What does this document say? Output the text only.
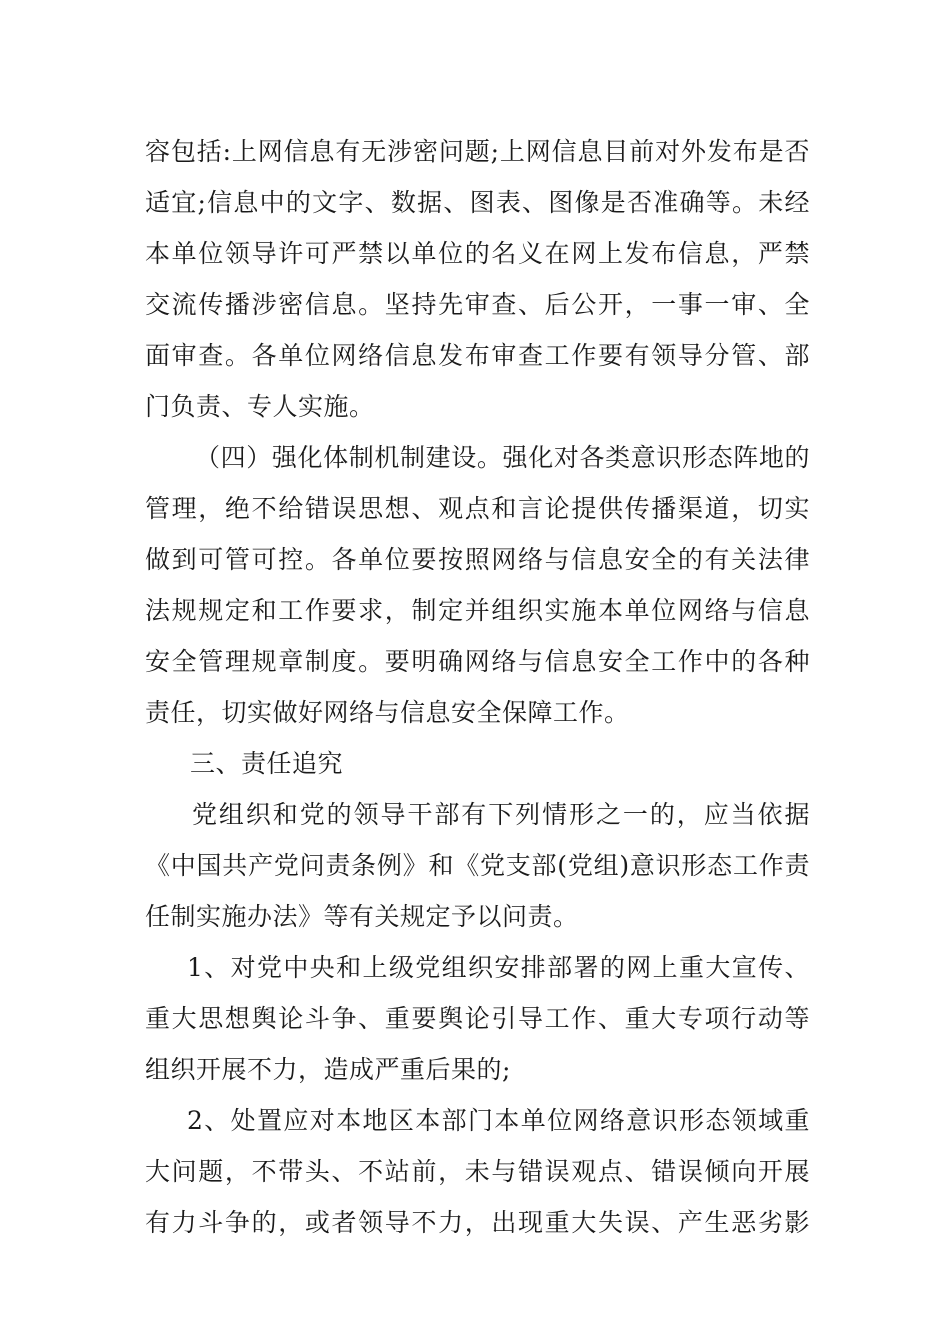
容包括:上网信息有无涉密问题;上网信息目前对外发布是否
适宜;信息中的文字、数据、图表、图像是否准确等。未经
本单位领导许可严禁以单位的名义在网上发布信息，严禁
交流传播涉密信息。坚持先审查、后公开，一事一审、全
面审查。各单位网络信息发布审查工作要有领导分管、部
门负责、专人实施。
（四）强化体制机制建设。强化对各类意识形态阵地的
管理，绝不给错误思想、观点和言论提供传播渠道，切实
做到可管可控。各单位要按照网络与信息安全的有关法律
法规规定和工作要求，制定并组织实施本单位网络与信息
安全管理规章制度。要明确网络与信息安全工作中的各种
责任，切实做好网络与信息安全保障工作。
三、责任追究
党组织和党的领导干部有下列情形之一的，应当依据
《中国共产党问责条例》和《党支部(党组)意识形态工作责
任制实施办法》等有关规定予以问责。
1、对党中央和上级党组织安排部署的网上重大宣传、
重大思想舆论斗争、重要舆论引导工作、重大专项行动等
组织开展不力，造成严重后果的;
2、处置应对本地区本部门本单位网络意识形态领域重
大问题，不带头、不站前，未与错误观点、错误倾向开展
有力斗争的，或者领导不力，出现重大失误、产生恶劣影
